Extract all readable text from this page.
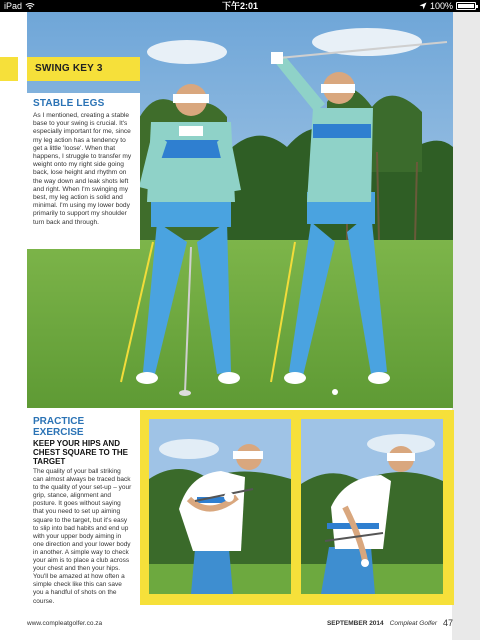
iPad	下午2:01	100%
SWING KEY 3
STABLE LEGS
As I mentioned, creating a stable base to your swing is crucial. It's especially important for me, since my leg action has a tendency to get a little 'loose'. When that happens, I struggle to transfer my weight onto my right side going back, lose height and rhythm on the way down and leak shots left and right. When I'm swinging my best, my leg action is solid and minimal. I'm using my lower body primarily to support my shoulder turn back and through.
PRACTICE EXERCISE
KEEP YOUR HIPS AND CHEST SQUARE TO THE TARGET
The quality of your ball striking can almost always be traced back to the quality of your set-up – your grip, stance, alignment and posture. It goes without saying that you need to set up aiming square to the target, but it's easy to slip into bad habits and end up with your upper body aiming in one direction and your lower body in another. A simple way to check your aim is to place a club across your chest and then your hips. You'll be amazed at how often a simple check like this can save you a handful of shots on the course.
www.compleatgolfer.co.za	SEPTEMBER 2014 Compleat Golfer 47
